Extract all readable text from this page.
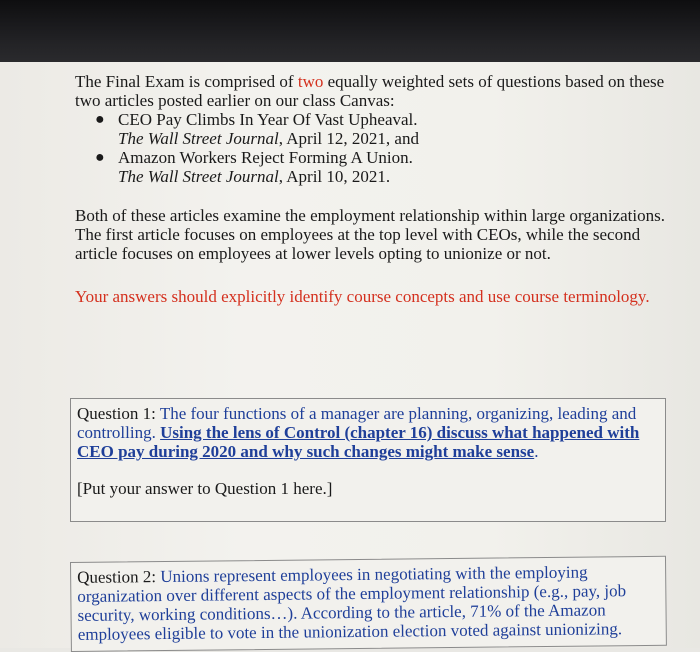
The Final Exam is comprised of two equally weighted sets of questions based on these two articles posted earlier on our class Canvas:

● CEO Pay Climbs In Year Of Vast Upheaval.
The Wall Street Journal, April 12, 2021, and
● Amazon Workers Reject Forming A Union.
The Wall Street Journal, April 10, 2021.

Both of these articles examine the employment relationship within large organizations. The first article focuses on employees at the top level with CEOs, while the second article focuses on employees at lower levels opting to unionize or not.

Your answers should explicitly identify course concepts and use course terminology.

Question 1: The four functions of a manager are planning, organizing, leading and controlling. Using the lens of Control (chapter 16) discuss what happened with CEO pay during 2020 and why such changes might make sense.
[Put your answer to Question 1 here.]
Question 2: Unions represent employees in negotiating with the employing organization over different aspects of the employment relationship (e.g., pay, job security, working conditions…). According to the article, 71% of the Amazon employees eligible to vote in the unionization election voted against unionizing.
